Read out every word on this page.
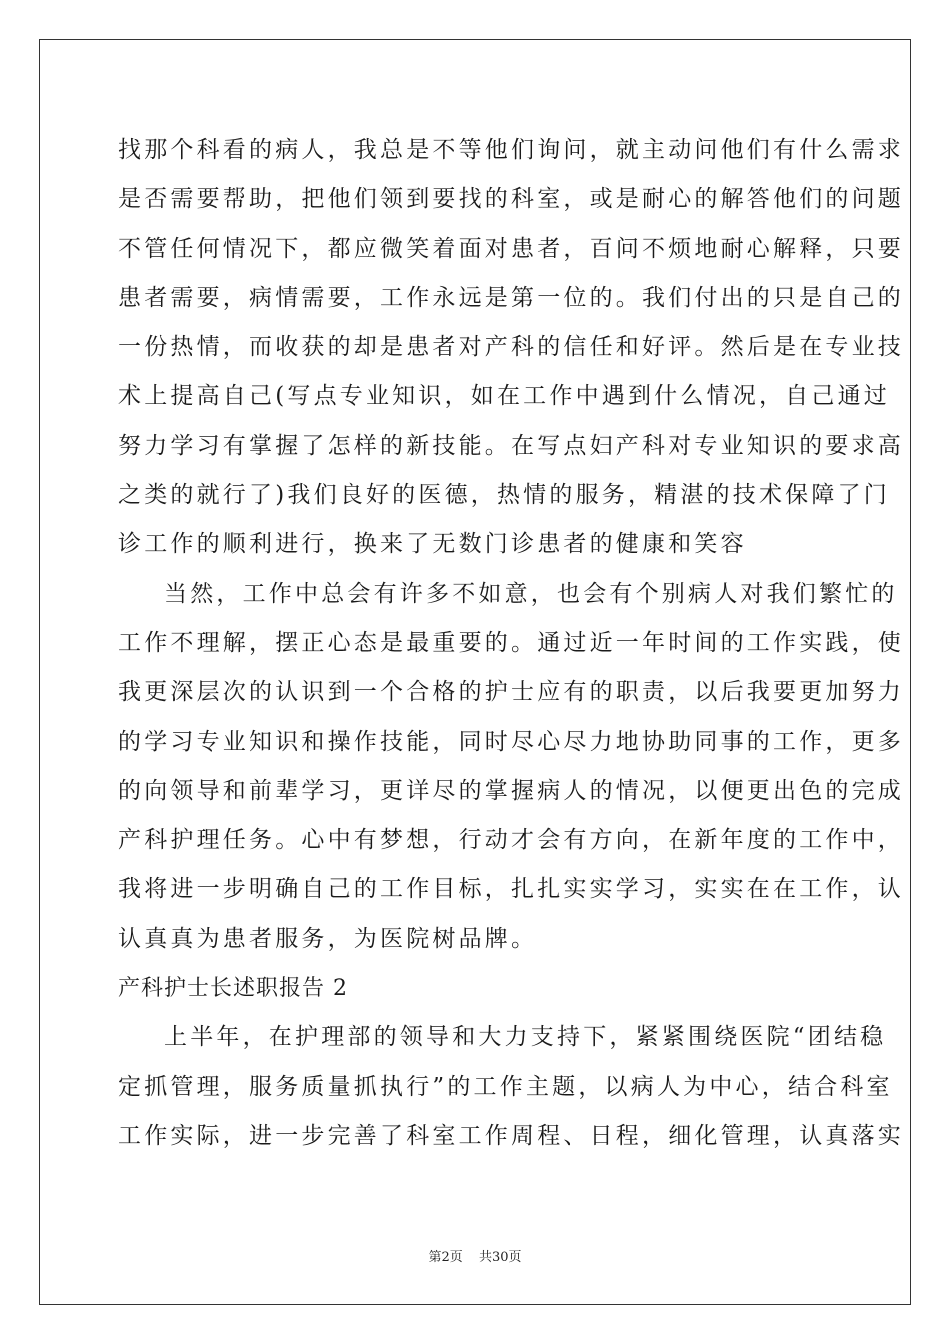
找那个科看的病人，我总是不等他们询问，就主动问他们有什么需求
是否需要帮助，把他们领到要找的科室，或是耐心的解答他们的问题
不管任何情况下，都应微笑着面对患者，百问不烦地耐心解释，只要
患者需要，病情需要，工作永远是第一位的。我们付出的只是自己的
一份热情，而收获的却是患者对产科的信任和好评。然后是在专业技
术上提高自己(写点专业知识，如在工作中遇到什么情况，自己通过
努力学习有掌握了怎样的新技能。在写点妇产科对专业知识的要求高
之类的就行了)我们良好的医德，热情的服务，精湛的技术保障了门
诊工作的顺利进行，换来了无数门诊患者的健康和笑容
当然，工作中总会有许多不如意，也会有个别病人对我们繁忙的
工作不理解，摆正心态是最重要的。通过近一年时间的工作实践，使
我更深层次的认识到一个合格的护士应有的职责，以后我要更加努力
的学习专业知识和操作技能，同时尽心尽力地协助同事的工作，更多
的向领导和前辈学习，更详尽的掌握病人的情况，以便更出色的完成
产科护理任务。心中有梦想，行动才会有方向，在新年度的工作中，
我将进一步明确自己的工作目标，扎扎实实学习，实实在在工作，认
认真真为患者服务，为医院树品牌。
产科护士长述职报告 2
上半年，在护理部的领导和大力支持下，紧紧围绕医院“团结稳
定抓管理，服务质量抓执行”的工作主题，以病人为中心，结合科室
工作实际，进一步完善了科室工作周程、日程，细化管理，认真落实
第2页 共30页
